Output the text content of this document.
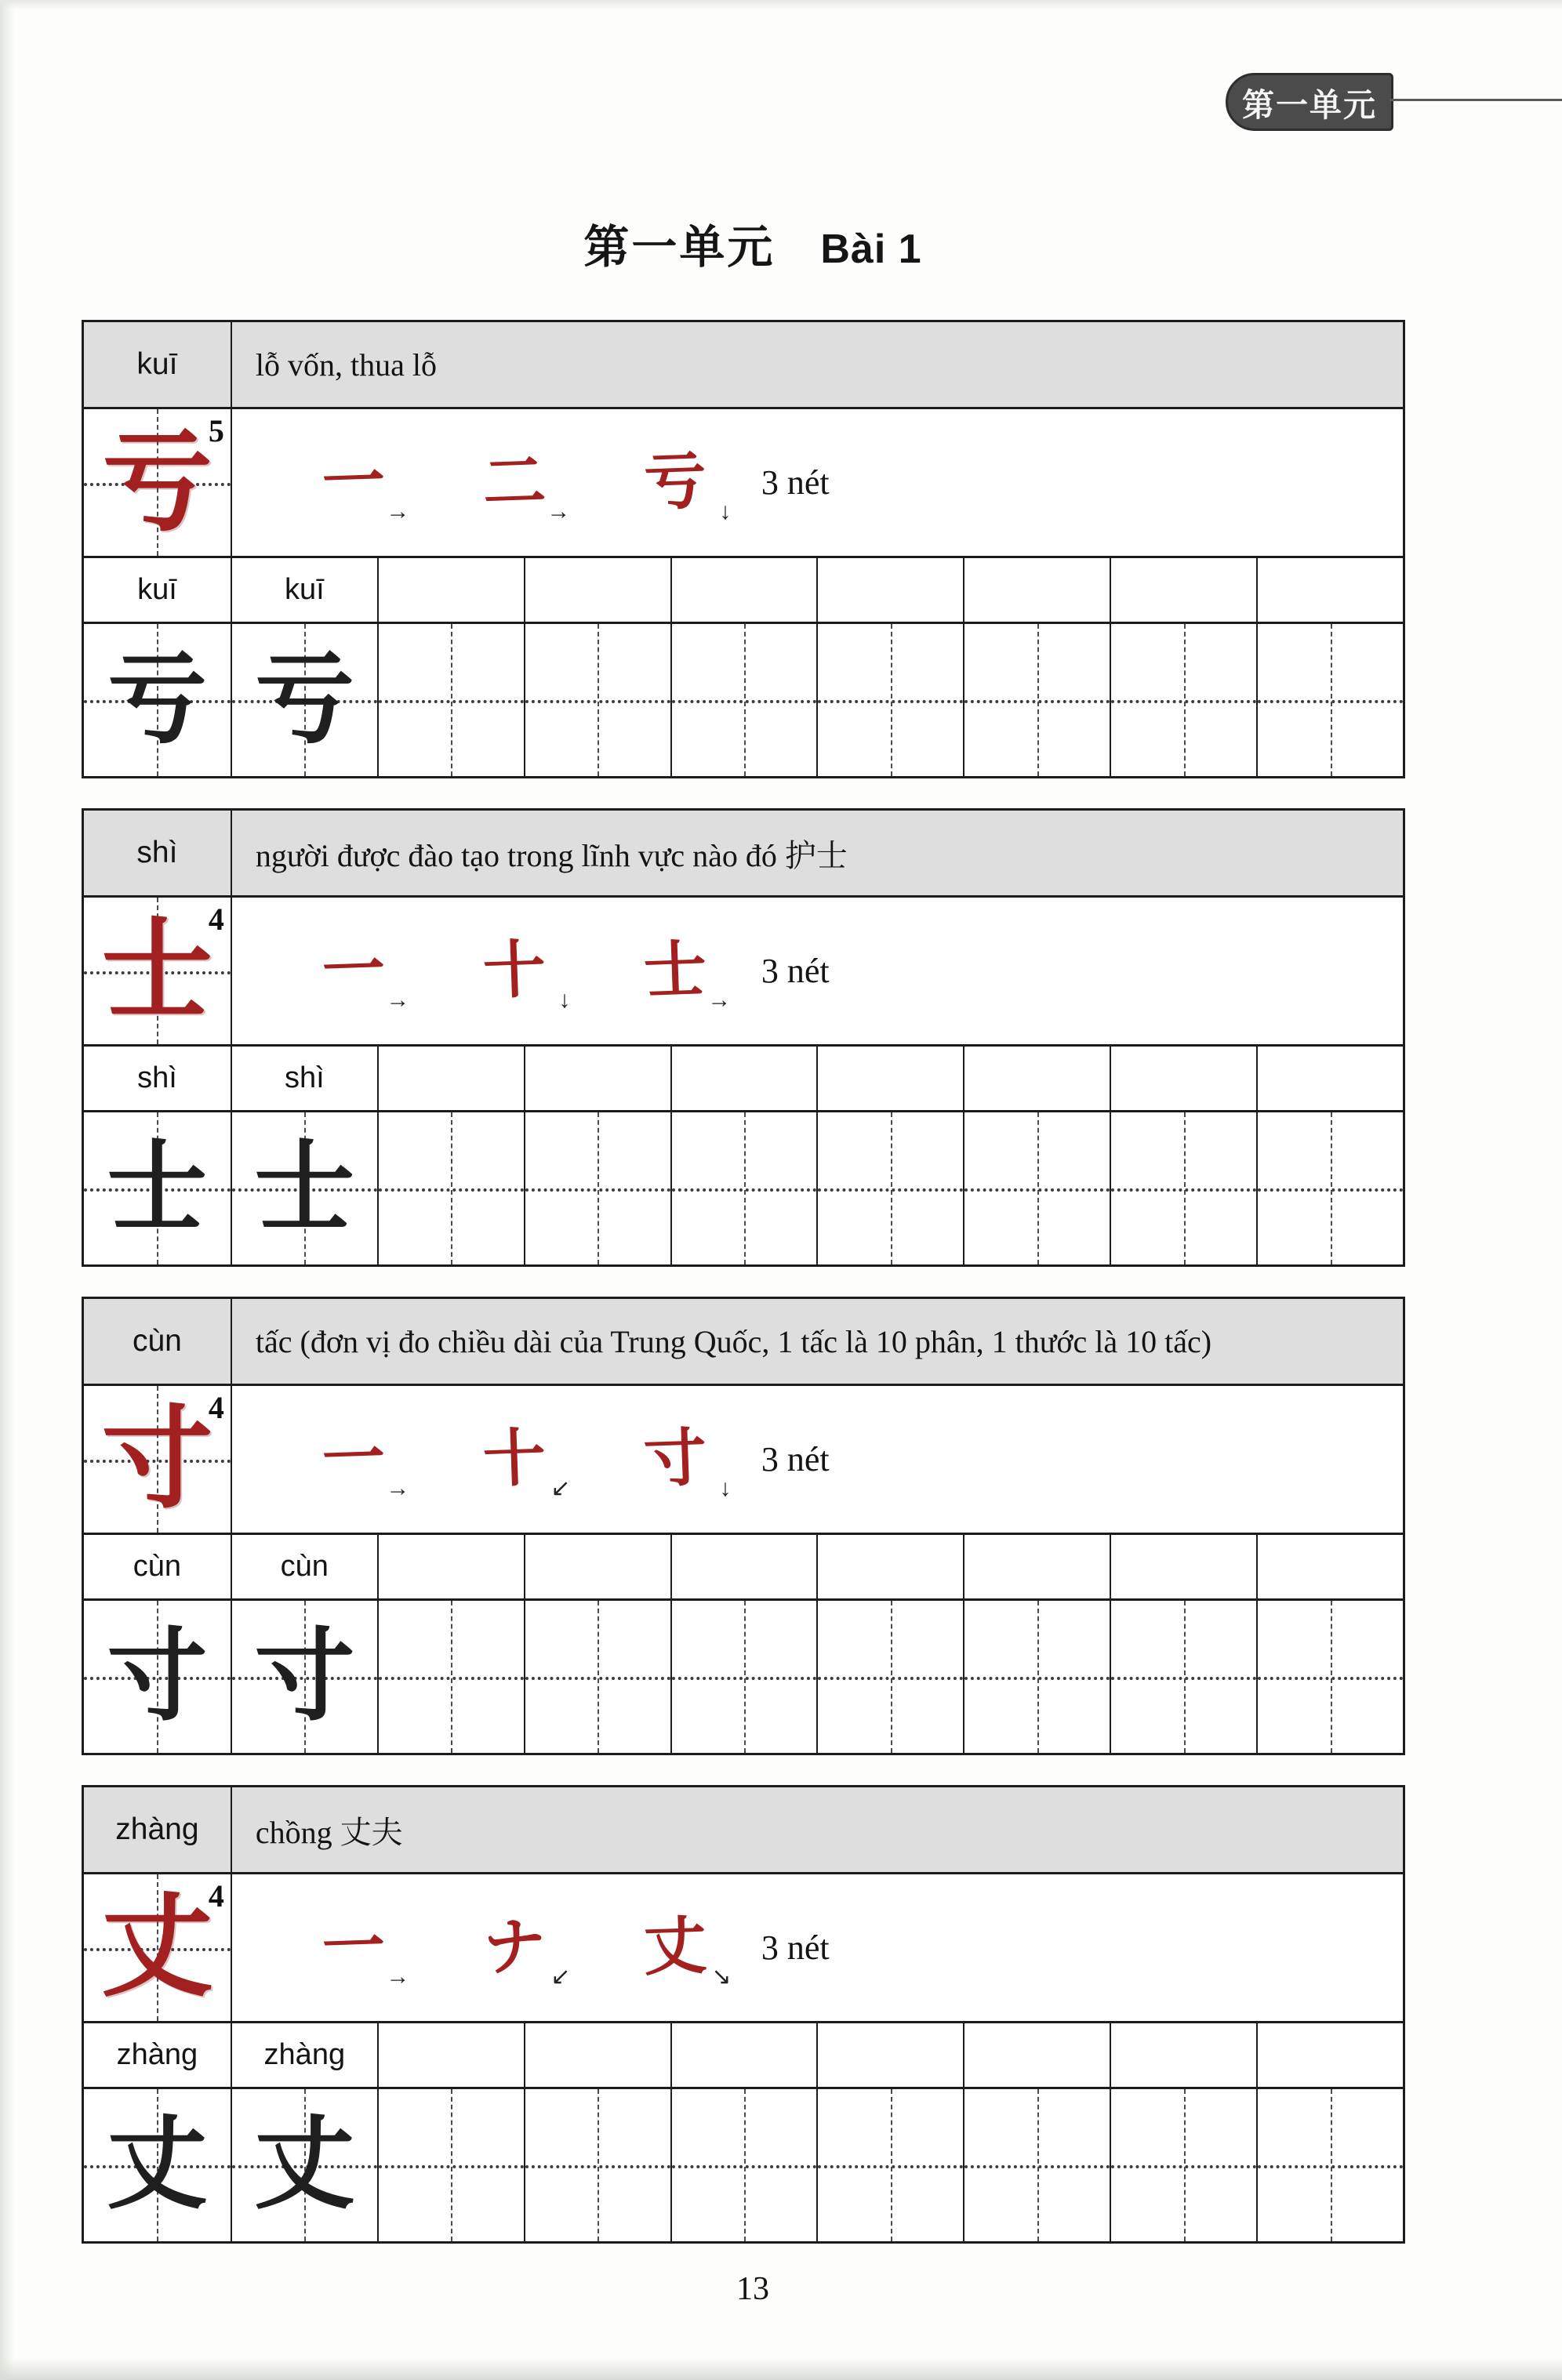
第一单元
第一单元 Bài 1
kuī	lỗ vốn, thua lỗ
亏
5
一 → 二 → 亏 ↓
3 nét
kuī	kuī
亏 亏
shì	người được đào tạo trong lĩnh vực nào đó 护士
士
4
一 → 十 ↓ 士 →
3 nét
shì	shì
士 士
cùn	tấc (đơn vị đo chiều dài của Trung Quốc, 1 tấc là 10 phân, 1 thước là 10 tấc)
寸
4
一 → 十 ↙ 寸 ↓
3 nét
cùn	cùn
寸 寸
zhàng	chồng 丈夫
丈
4
一 → ナ ↙ 丈 ↘
3 nét
zhàng	zhàng
丈 丈
13
